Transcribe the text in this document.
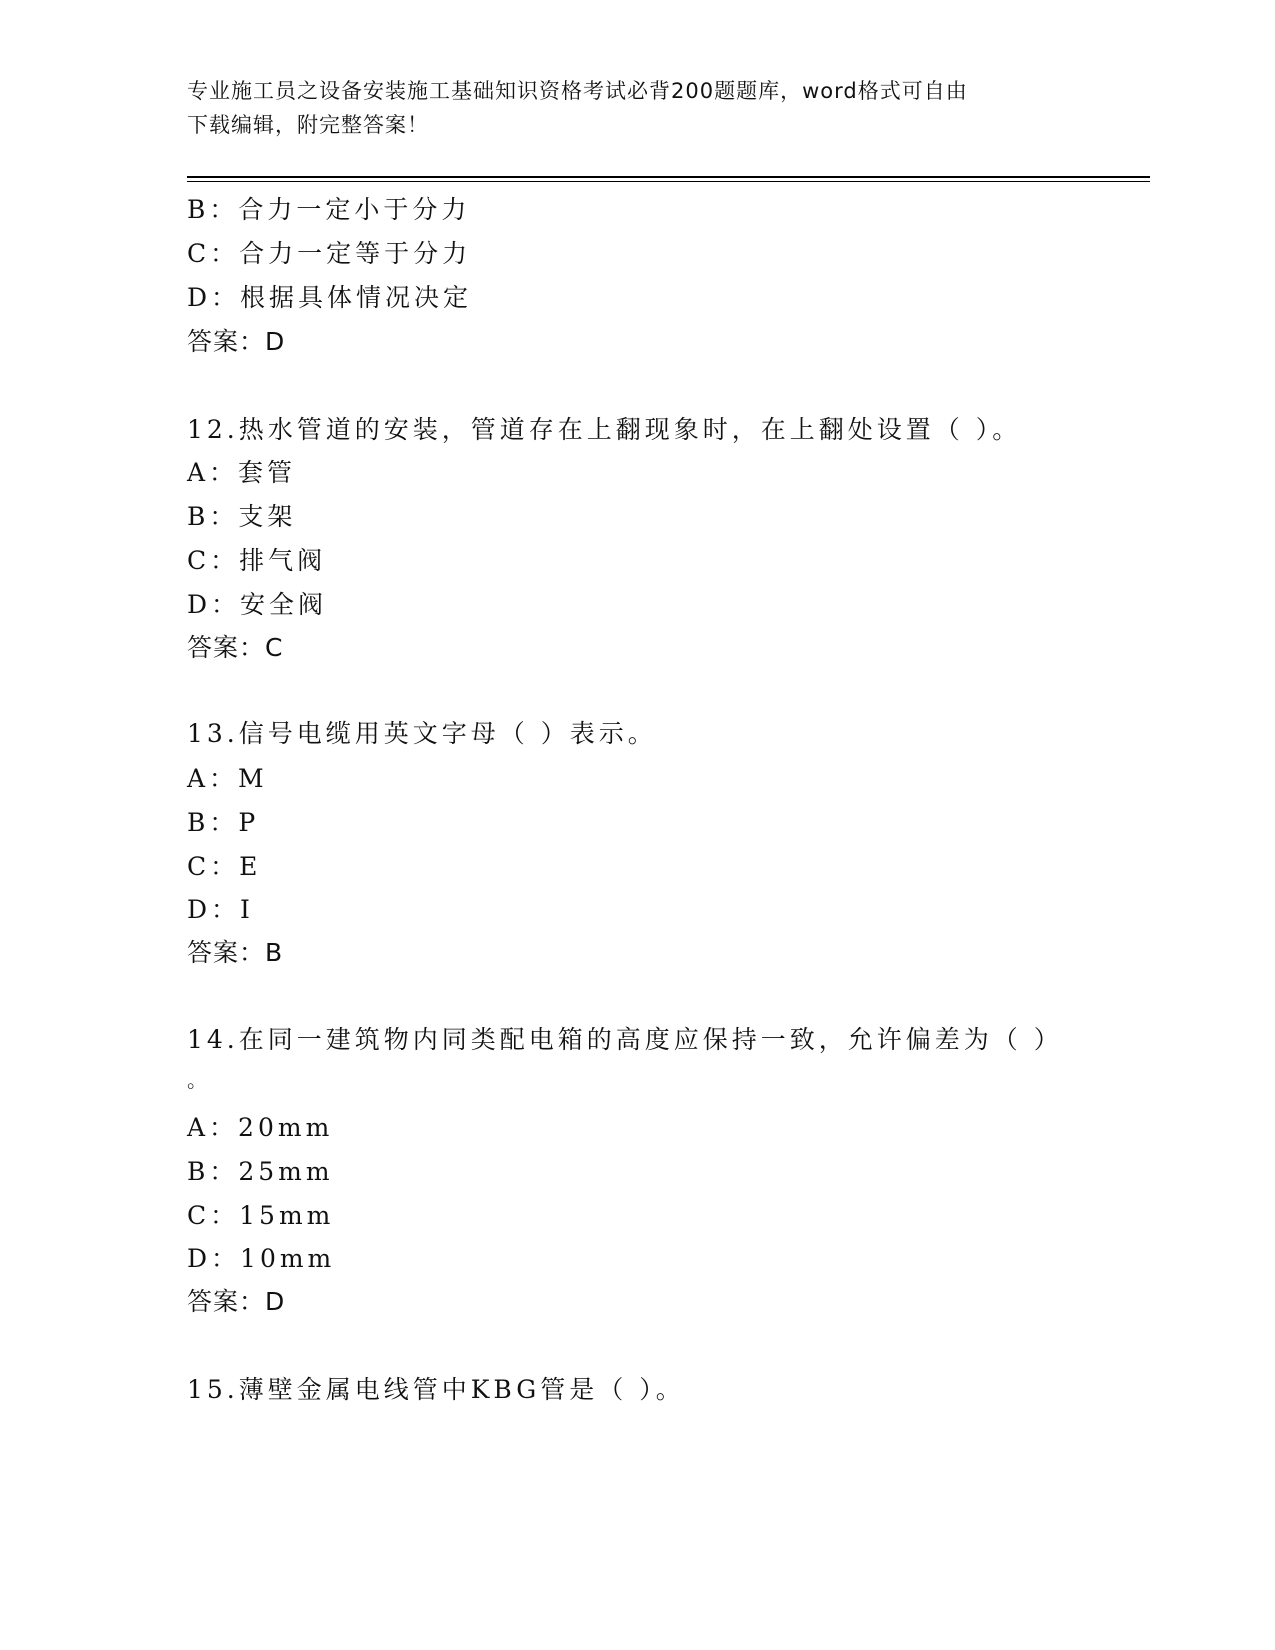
专业施工员之设备安装施工基础知识资格考试必背200题题库，word格式可自由
下载编辑，附完整答案！
B：合力一定小于分力
C：合力一定等于分力
D：根据具体情况决定
答案：D
12.热水管道的安装，管道存在上翻现象时，在上翻处设置（ ）。
A：套管
B：支架
C：排气阀
D：安全阀
答案：C
13.信号电缆用英文字母（ ）表示。
A：M
B：P
C：E
D：I
答案：B
14.在同一建筑物内同类配电箱的高度应保持一致，允许偏差为（ ）
。
A：20mm
B：25mm
C：15mm
D：10mm
答案：D
15.薄壁金属电线管中KBG管是（ ）。
